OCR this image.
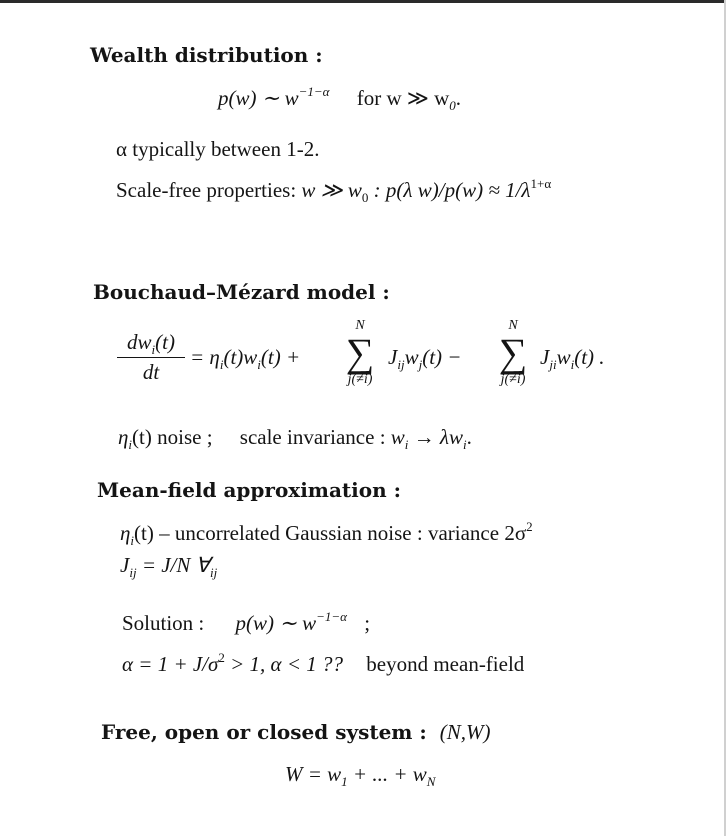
Wealth distribution :
p(w) ∼ $w^{-1-\alpha}$ for w ≫ $w_0$.
α typically between 1-2.
Scale-free properties: w ≫ $w_0$ : p(λ $w)/p(w) \approx 1/\lambda^{1+\alpha}$
Bouchaud–Mézard model :
$dw_i(t)$
dt
= $\eta_i(t)w_i(t)$ +
N
∑
j(≠i)
$J_{ij}w_j(t)$ −
N
∑
j(≠i)
$J_{ji}w_i(t)$ .
$\eta_i(t)$ noise ; scale invariance : $w_i \to \lambda w_i$.
Mean-field approximation :
$\eta_i(t)$ – uncorrelated Gaussian noise : variance $2\sigma^2$
$J_{ij} = J/N$ $\forall_{ij}$
Solution : p(w) ∼ $w^{-1-\alpha}$ ;
$\alpha = 1 + J/\sigma^2 > 1$, α < 1 ?? beyond mean-field
Free, open or closed system : (N,W)
$W = w_1$ + ... + $w_N$
